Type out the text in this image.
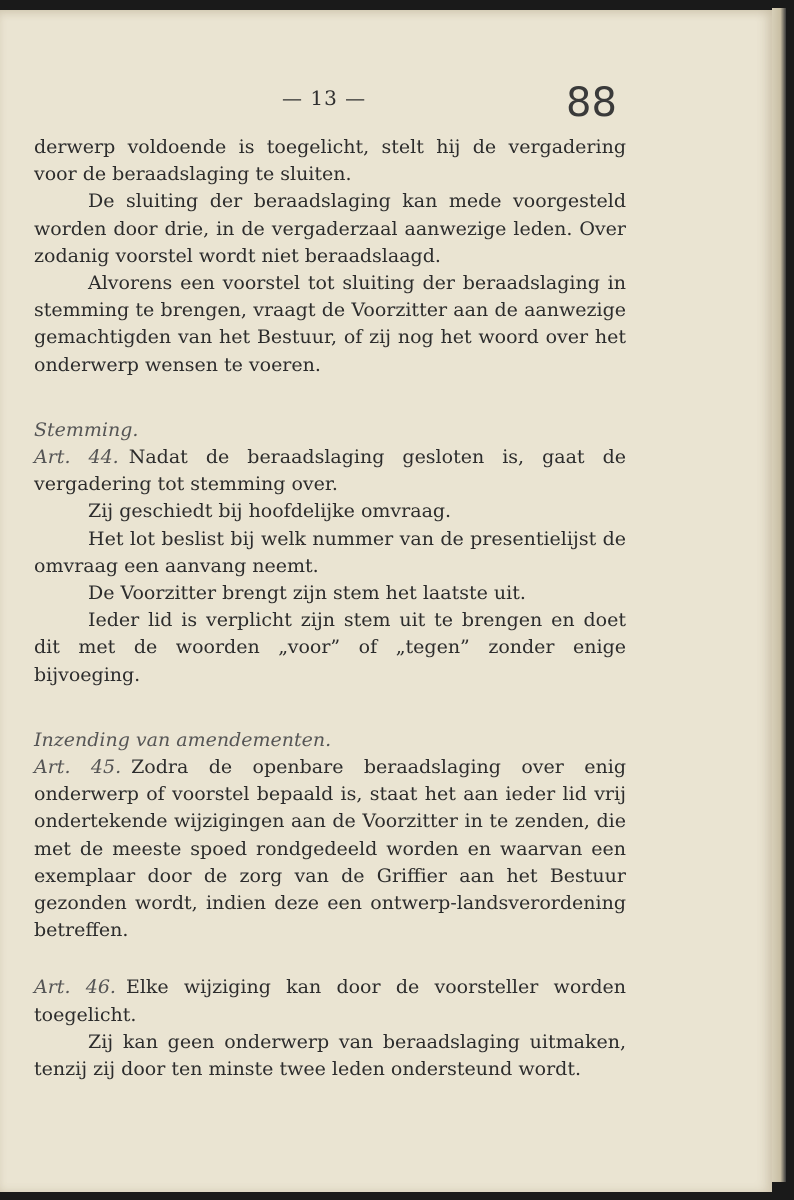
— 13 —	88

derwerp voldoende is toegelicht, stelt hij de vergadering voor de beraadslaging te sluiten.

De sluiting der beraadslaging kan mede voorgesteld worden door drie, in de vergaderzaal aanwezige leden. Over zodanig voorstel wordt niet beraadslaagd.

Alvorens een voorstel tot sluiting der beraadslaging in stemming te brengen, vraagt de Voorzitter aan de aanwezige gemachtigden van het Bestuur, of zij nog het woord over het onderwerp wensen te voeren.

Stemming.

Art. 44. Nadat de beraadslaging gesloten is, gaat de vergadering tot stemming over.

Zij geschiedt bij hoofdelijke omvraag.

Het lot beslist bij welk nummer van de presentielijst de omvraag een aanvang neemt.

De Voorzitter brengt zijn stem het laatste uit.

Ieder lid is verplicht zijn stem uit te brengen en doet dit met de woorden „voor” of „tegen” zonder enige bijvoeging.

Inzending van amendementen.

Art. 45. Zodra de openbare beraadslaging over enig onderwerp of voorstel bepaald is, staat het aan ieder lid vrij ondertekende wijzigingen aan de Voorzitter in te zenden, die met de meeste spoed rondgedeeld worden en waarvan een exemplaar door de zorg van de Griffier aan het Bestuur gezonden wordt, indien deze een ontwerp-landsverordening betreffen.

Art. 46. Elke wijziging kan door de voorsteller worden toegelicht.

Zij kan geen onderwerp van beraadslaging uitmaken, tenzij zij door ten minste twee leden ondersteund wordt.
